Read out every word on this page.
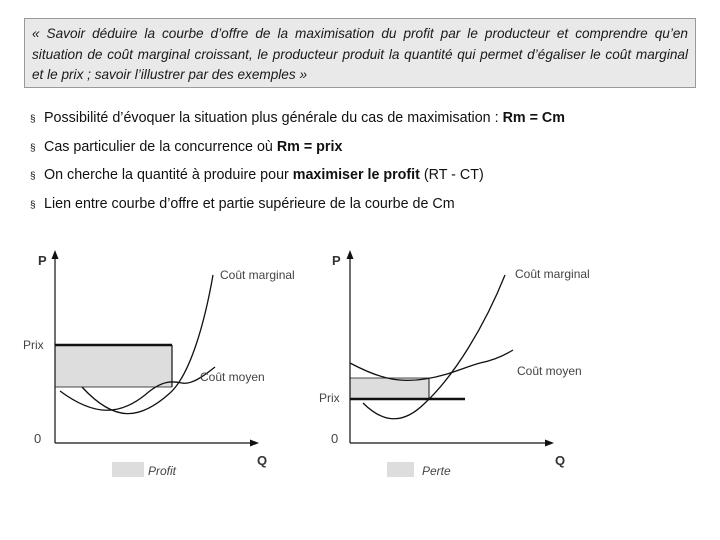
« Savoir déduire la courbe d’offre de la maximisation du profit par le producteur et comprendre qu’en situation de coût marginal croissant, le producteur produit la quantité qui permet d’égaliser le coût marginal et le prix ; savoir l’illustrer par des exemples »
§ Possibilité d’évoquer la situation plus générale du cas de maximisation : Rm = Cm
§ Cas particulier de la concurrence où Rm = prix
§ On cherche la quantité à produire pour maximiser le profit (RT - CT)
§ Lien entre courbe d’offre et partie supérieure de la courbe de Cm
P
Q
0
Prix
Coût marginal
Coût moyen
Profit
P
Q
0
Prix
Coût marginal
Coût moyen
Perte
